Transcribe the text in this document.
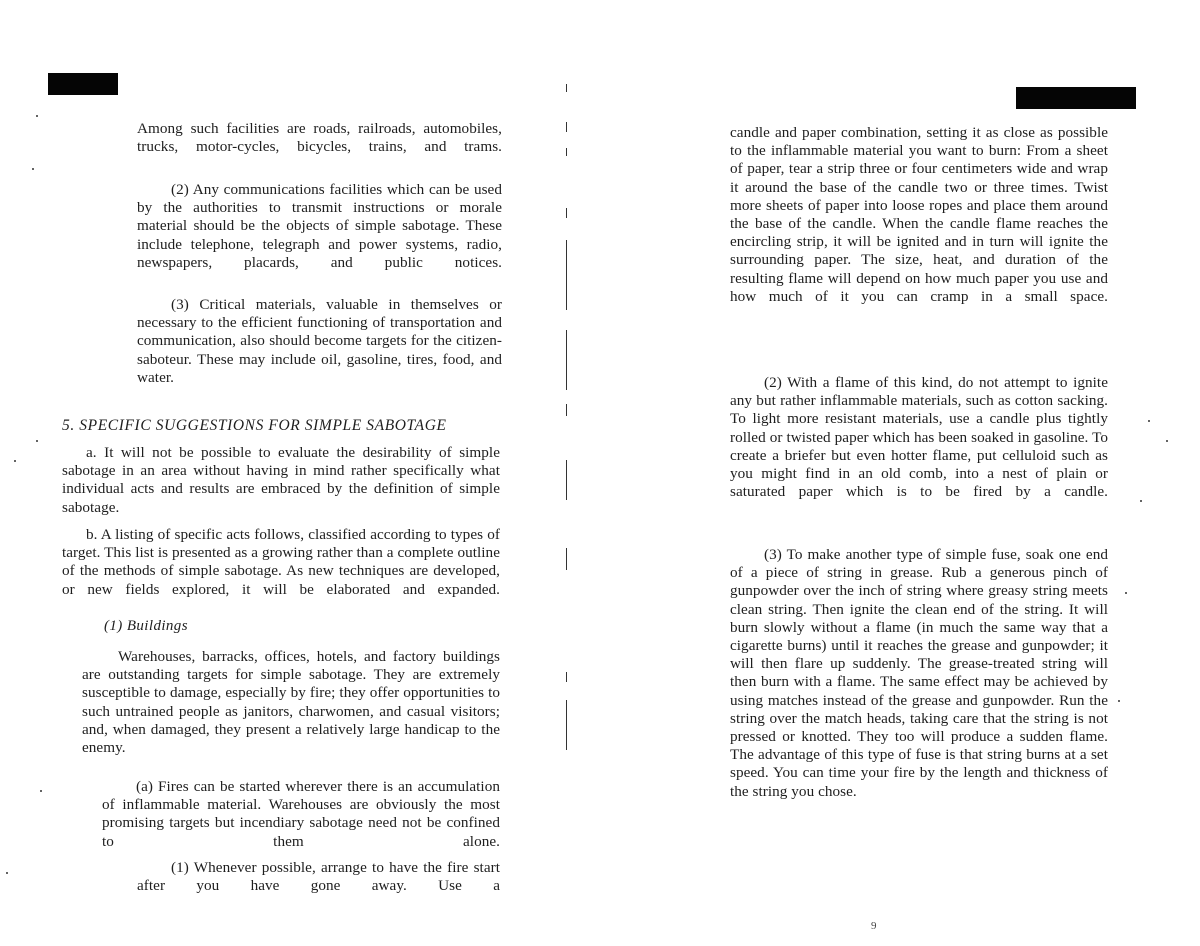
Among such facilities are roads, railroads, automobiles, trucks, motor-cycles, bicycles, trains, and trams.

(2) Any communications facilities which can be used by the authorities to transmit instructions or morale material should be the objects of simple sabotage. These include telephone, telegraph and power systems, radio, newspapers, placards, and public notices.

(3) Critical materials, valuable in themselves or necessary to the efficient functioning of transportation and communication, also should become targets for the citizen-saboteur. These may include oil, gasoline, tires, food, and water.

5. SPECIFIC SUGGESTIONS FOR SIMPLE SABOTAGE

a. It will not be possible to evaluate the desirability of simple sabotage in an area without having in mind rather specifically what individual acts and results are embraced by the definition of simple sabotage.

b. A listing of specific acts follows, classified according to types of target. This list is presented as a growing rather than a complete outline of the methods of simple sabotage. As new techniques are developed, or new fields explored, it will be elaborated and expanded.

(1) Buildings

Warehouses, barracks, offices, hotels, and factory buildings are outstanding targets for simple sabotage. They are extremely susceptible to damage, especially by fire; they offer opportunities to such untrained people as janitors, charwomen, and casual visitors; and, when damaged, they present a relatively large handicap to the enemy.

(a) Fires can be started wherever there is an accumulation of inflammable material. Warehouses are obviously the most promising targets but incendiary sabotage need not be confined to them alone.

(1) Whenever possible, arrange to have the fire start after you have gone away. Use a

candle and paper combination, setting it as close as possible to the inflammable material you want to burn: From a sheet of paper, tear a strip three or four centimeters wide and wrap it around the base of the candle two or three times. Twist more sheets of paper into loose ropes and place them around the base of the candle. When the candle flame reaches the encircling strip, it will be ignited and in turn will ignite the surrounding paper. The size, heat, and duration of the resulting flame will depend on how much paper you use and how much of it you can cramp in a small space.

(2) With a flame of this kind, do not attempt to ignite any but rather inflammable materials, such as cotton sacking. To light more resistant materials, use a candle plus tightly rolled or twisted paper which has been soaked in gasoline. To create a briefer but even hotter flame, put celluloid such as you might find in an old comb, into a nest of plain or saturated paper which is to be fired by a candle.

(3) To make another type of simple fuse, soak one end of a piece of string in grease. Rub a generous pinch of gunpowder over the inch of string where greasy string meets clean string. Then ignite the clean end of the string. It will burn slowly without a flame (in much the same way that a cigarette burns) until it reaches the grease and gunpowder; it will then flare up suddenly. The grease-treated string will then burn with a flame. The same effect may be achieved by using matches instead of the grease and gunpowder. Run the string over the match heads, taking care that the string is not pressed or knotted. They too will produce a sudden flame. The advantage of this type of fuse is that string burns at a set speed. You can time your fire by the length and thickness of the string you chose.

9
